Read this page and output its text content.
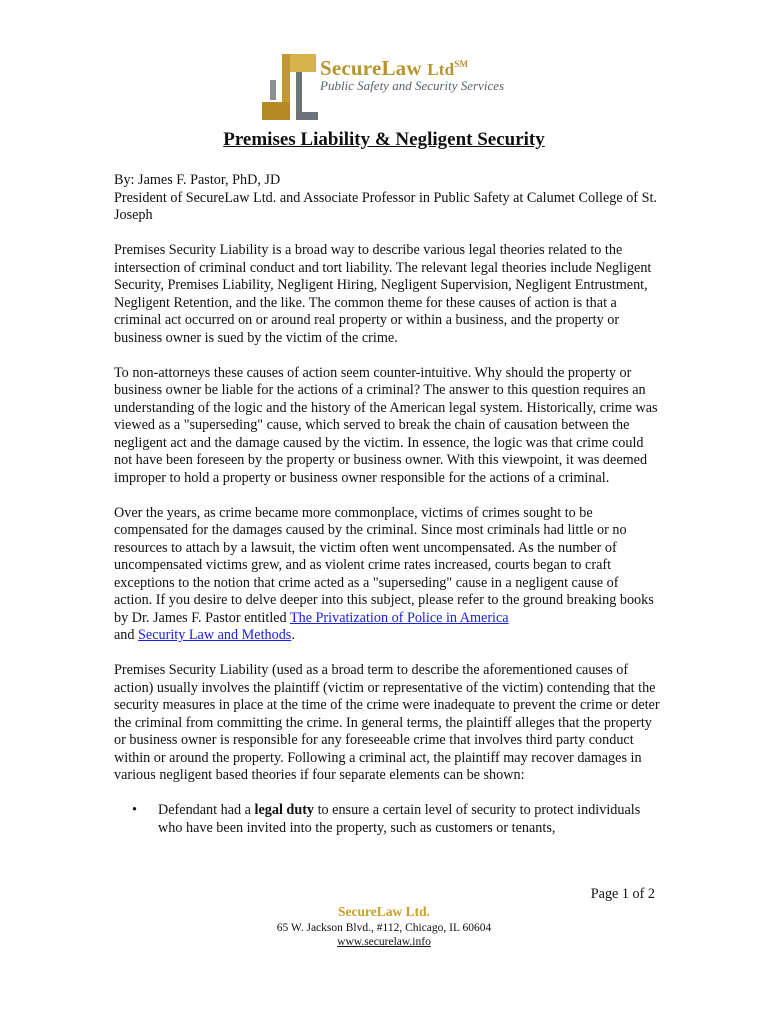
SecureLaw Ltd℠
Public Safety and Security Services
Premises Liability & Negligent Security

By: James F. Pastor, PhD, JD

President of SecureLaw Ltd. and Associate Professor in Public Safety at Calumet College of St. Joseph

Premises Security Liability is a broad way to describe various legal theories related to the intersection of criminal conduct and tort liability. The relevant legal theories include Negligent Security, Premises Liability, Negligent Hiring, Negligent Supervision, Negligent Entrustment, Negligent Retention, and the like. The common theme for these causes of action is that a criminal act occurred on or around real property or within a business, and the property or business owner is sued by the victim of the crime.

To non-attorneys these causes of action seem counter-intuitive. Why should the property or business owner be liable for the actions of a criminal? The answer to this question requires an understanding of the logic and the history of the American legal system. Historically, crime was viewed as a "superseding" cause, which served to break the chain of causation between the negligent act and the damage caused by the victim. In essence, the logic was that crime could not have been foreseen by the property or business owner. With this viewpoint, it was deemed improper to hold a property or business owner responsible for the actions of a criminal.

Over the years, as crime became more commonplace, victims of crimes sought to be compensated for the damages caused by the criminal. Since most criminals had little or no resources to attach by a lawsuit, the victim often went uncompensated. As the number of uncompensated victims grew, and as violent crime rates increased, courts began to craft exceptions to the notion that crime acted as a "superseding" cause in a negligent cause of action. If you desire to delve deeper into this subject, please refer to the ground breaking books by Dr. James F. Pastor entitled The Privatization of Police in America
and Security Law and Methods.

Premises Security Liability (used as a broad term to describe the aforementioned causes of action) usually involves the plaintiff (victim or representative of the victim) contending that the security measures in place at the time of the crime were inadequate to prevent the crime or deter the criminal from committing the crime. In general terms, the plaintiff alleges that the property or business owner is responsible for any foreseeable crime that involves third party conduct within or around the property. Following a criminal act, the plaintiff may recover damages in various negligent based theories if four separate elements can be shown:

• Defendant had a legal duty to ensure a certain level of security to protect individuals who have been invited into the property, such as customers or tenants,
Page 1 of 2
SecureLaw Ltd.
65 W. Jackson Blvd., #112, Chicago, IL 60604
www.securelaw.info
